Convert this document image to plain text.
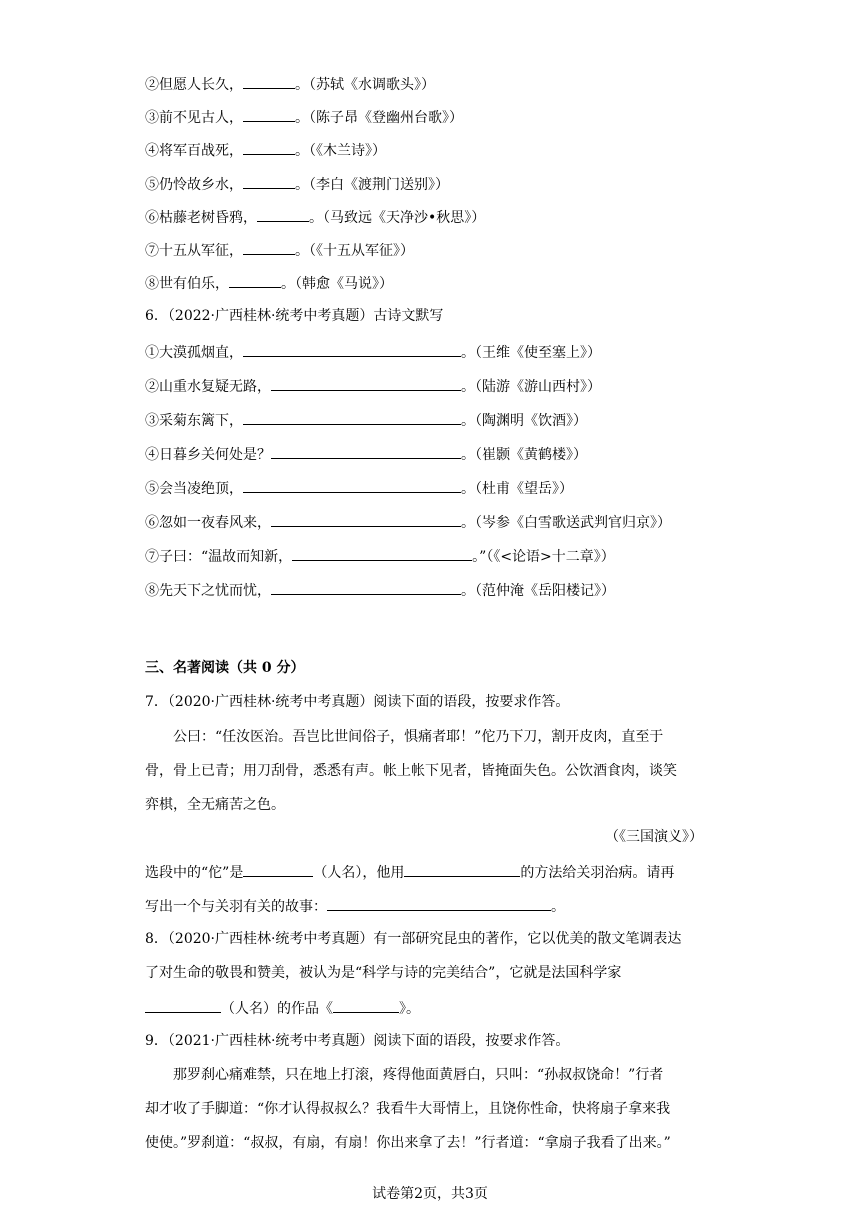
②但愿人长久，	。（苏轼《水调歌头》）
③前不见古人，	。（陈子昂《登幽州台歌》）
④将军百战死，	。（《木兰诗》）
⑤仍怜故乡水，	。（李白《渡荆门送别》）
⑥枯藤老树昏鸦，	。（马致远《天净沙•秋思》）
⑦十五从军征，	。（《十五从军征》）
⑧世有伯乐，	。（韩愈《马说》）
6．（2022·广西桂林·统考中考真题）古诗文默写
①大漠孤烟直，	。（王维《使至塞上》）
②山重水复疑无路，	。（陆游《游山西村》）
③采菊东篱下，	。（陶渊明《饮酒》）
④日暮乡关何处是？	。（崔颢《黄鹤楼》）
⑤会当凌绝顶，	。（杜甫《望岳》）
⑥忽如一夜春风来，	。（岑参《白雪歌送武判官归京》）
⑦子曰：“温故而知新，	。”（《<论语>十二章》）
⑧先天下之忧而忧，	。（范仲淹《岳阳楼记》）
三、名著阅读（共 0 分）
7．（2020·广西桂林·统考中考真题）阅读下面的语段，按要求作答。
公曰：“任汝医治。吾岂比世间俗子，惧痛者耶！”佗乃下刀，割开皮肉，直至于
骨，骨上已青；用刀刮骨，悉悉有声。帐上帐下见者，皆掩面失色。公饮酒食肉，谈笑
弈棋，全无痛苦之色。
（《三国演义》）
选段中的“佗”是	（人名），他用	的方法给关羽治病。请再
写出一个与关羽有关的故事：	。
8．（2020·广西桂林·统考中考真题）有一部研究昆虫的著作，它以优美的散文笔调表达
了对生命的敬畏和赞美，被认为是“科学与诗的完美结合”，它就是法国科学家
（人名）的作品《	》。
9．（2021·广西桂林·统考中考真题）阅读下面的语段，按要求作答。
那罗刹心痛难禁，只在地上打滚，疼得他面黄唇白，只叫：“孙叔叔饶命！”行者
却才收了手脚道：“你才认得叔叔么？我看牛大哥情上，且饶你性命，快将扇子拿来我
使使。”罗刹道：“叔叔，有扇，有扇！你出来拿了去！”行者道：“拿扇子我看了出来。”
试卷第2页，共3页
